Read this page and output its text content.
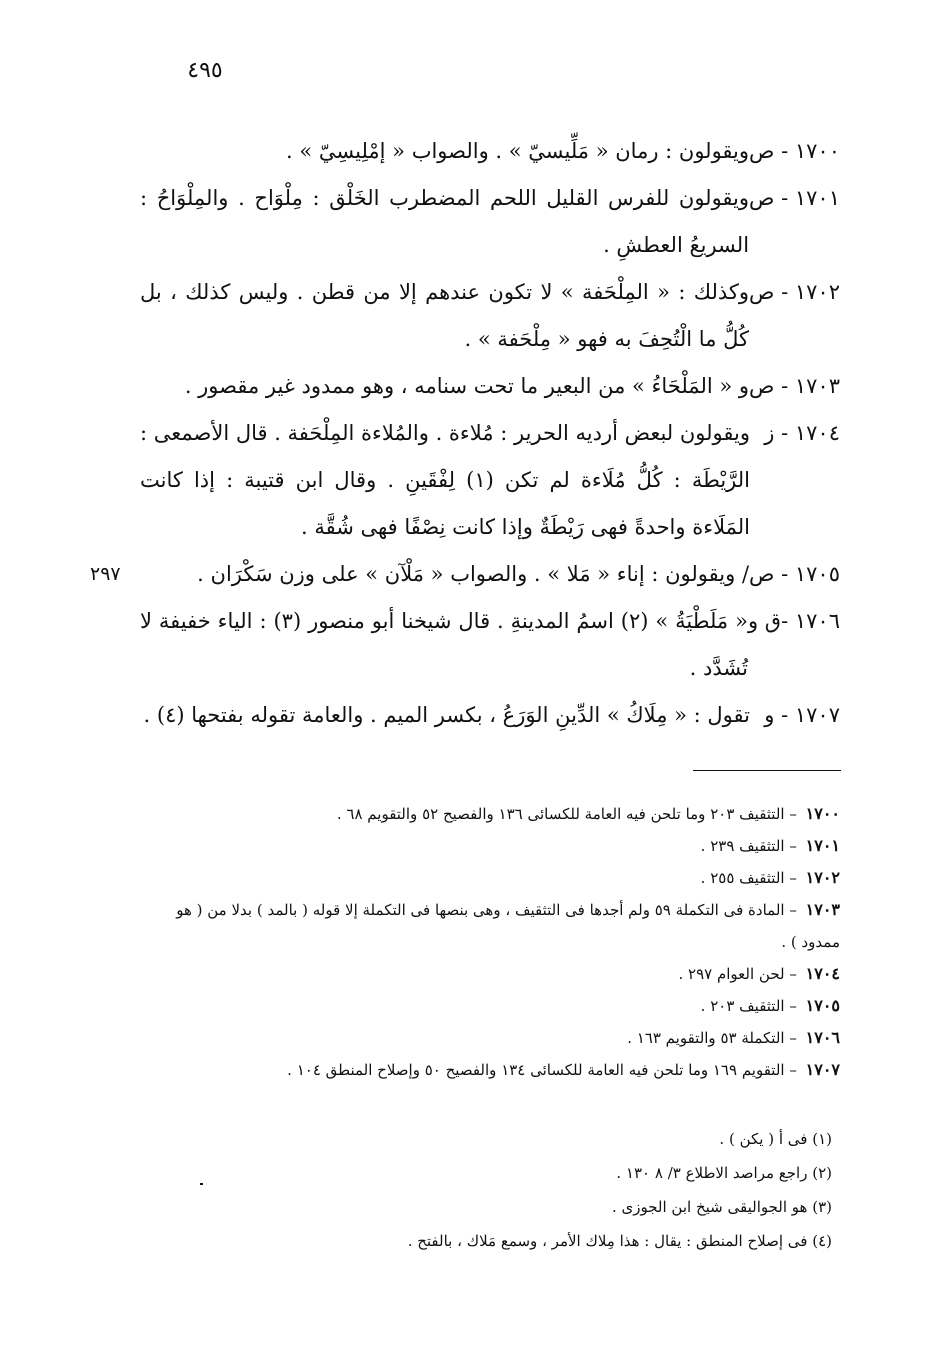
٤٩٥
١٧٠٠ - ص
ويقولون : رمان « مَلِّيسيّ » . والصواب « إمْلِيسِيّ » .
١٧٠١ - ص
ويقولون للفرس القليل اللحم المضطرب الخَلْق : مِلْوَاح . والمِلْوَاحُ : السريعُ العطشِ .
١٧٠٢ - ص
وكذلك : « المِلْحَفة » لا تكون عندهم إلا من قطن . وليس كذلك ، بل كُلُّ ما الْتُحِفَ به فهو « مِلْحَفة » .
١٧٠٣ - ص
و « المَلْحَاءُ » من البعير ما تحت سنامه ، وهو ممدود غير مقصور .
١٧٠٤ - ز
ويقولون لبعض أرديه الحرير : مُلاءة . والمُلاءة المِلْحَفة . قال الأصمعى : الرَّيْطَة : كُلُّ مُلَاءة لم تكن (١) لِفْقَينِ . وقال ابن قتيبة : إذا كانت المَلَاءة واحدةً فهى رَيْطَةٌ وإذا كانت نِصْفًا فهى شُقَّة .
١٧٠٥ - ص
/ ويقولون : إناء « مَلا » . والصواب « مَلْآن » على وزن سَكْرَان .
٢٩٧
١٧٠٦ -ق و
« مَلَطْيَةُ » (٢) اسمُ المدينةِ . قال شيخنا أبو منصور (٣) : الياء خفيفة لا تُشَدَّد .
١٧٠٧ - و
تقول : « مِلَاكُ » الدِّينِ الوَرَعُ ، بكسر الميم . والعامة تقوله بفتحها (٤) .
١٧٠٠ – التثقيف ٢٠٣ وما تلحن فيه العامة للكسائى ١٣٦ والفصيح ٥٢ والتقويم ٦٨ .
١٧٠١ – التثقيف ٢٣٩ .
١٧٠٢ – التثقيف ٢٥٥ .
١٧٠٣ – المادة فى التكملة ٥٩ ولم أجدها فى التثقيف ، وهى بنصها فى التكملة إلا قوله ( بالمد ) بدلا من ( هو ممدود ) .
١٧٠٤ – لحن العوام ٢٩٧ .
١٧٠٥ – التثقيف ٢٠٣ .
١٧٠٦ – التكملة ٥٣ والتقويم ١٦٣ .
١٧٠٧ – التقويم ١٦٩ وما تلحن فيه العامة للكسائى ١٣٤ والفصيح ٥٠ وإصلاح المنطق ١٠٤ .
(١) فى أ ( يكن ) .
(٢) راجع مراصد الاطلاع ٣/ ٨ ١٣٠ .
(٣) هو الجواليقى شيخ ابن الجوزى .
(٤) فى إصلاح المنطق : يقال : هذا مِلاك الأمر ، وسمع مَلاك ، بالفتح .
